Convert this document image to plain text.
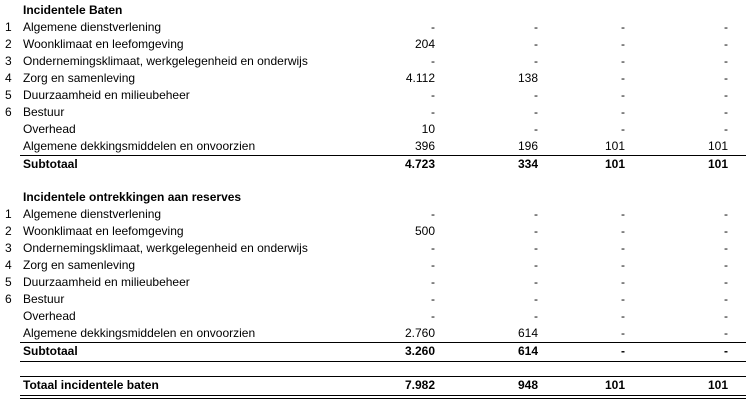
Incidentele Baten
1 Algemene dienstverlening	-	-	-	-
2 Woonklimaat en leefomgeving	204	-	-	-
3 Ondernemingsklimaat, werkgelegenheid en onderwijs	-	-	-	-
4 Zorg en samenleving	4.112	138	-	-
5 Duurzaamheid en milieubeheer	-	-	-	-
6 Bestuur	-	-	-	-
Overhead	10	-	-	-
Algemene dekkingsmiddelen en onvoorzien	396	196	101	101
Subtotaal	4.723	334	101	101
Incidentele ontrekkingen aan reserves
1 Algemene dienstverlening	-	-	-	-
2 Woonklimaat en leefomgeving	500	-	-	-
3 Ondernemingsklimaat, werkgelegenheid en onderwijs	-	-	-	-
4 Zorg en samenleving	-	-	-	-
5 Duurzaamheid en milieubeheer	-	-	-	-
6 Bestuur	-	-	-	-
Overhead	-	-	-	-
Algemene dekkingsmiddelen en onvoorzien	2.760	614	-	-
Subtotaal	3.260	614	-	-
Totaal incidentele baten	7.982	948	101	101
